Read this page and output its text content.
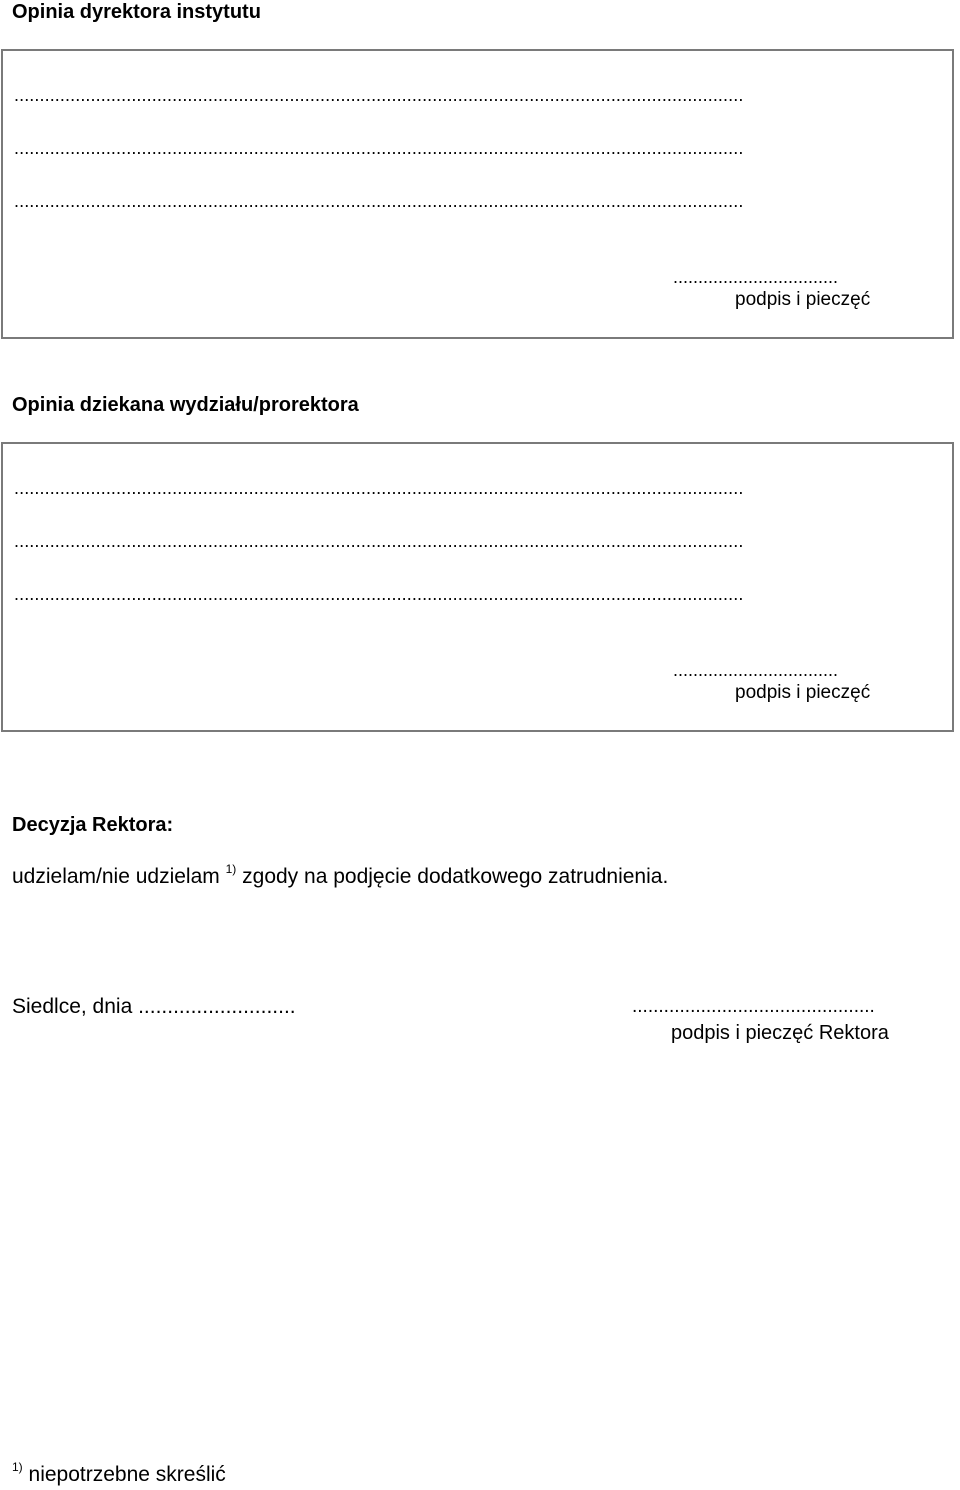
Opinia dyrektora instytutu
...............................................................................................................................................
...............................................................................................................................................
...............................................................................................................................................
.................................
podpis i pieczęć
Opinia dziekana wydziału/prorektora
...............................................................................................................................................
...............................................................................................................................................
...............................................................................................................................................
.................................
podpis i pieczęć
Decyzja Rektora:
udzielam/nie udzielam $^{1)}$ zgody na podjęcie dodatkowego zatrudnienia.
Siedlce, dnia ...........................	..............................................
podpis i pieczęć Rektora
$^{1)}$ niepotrzebne skreślić
